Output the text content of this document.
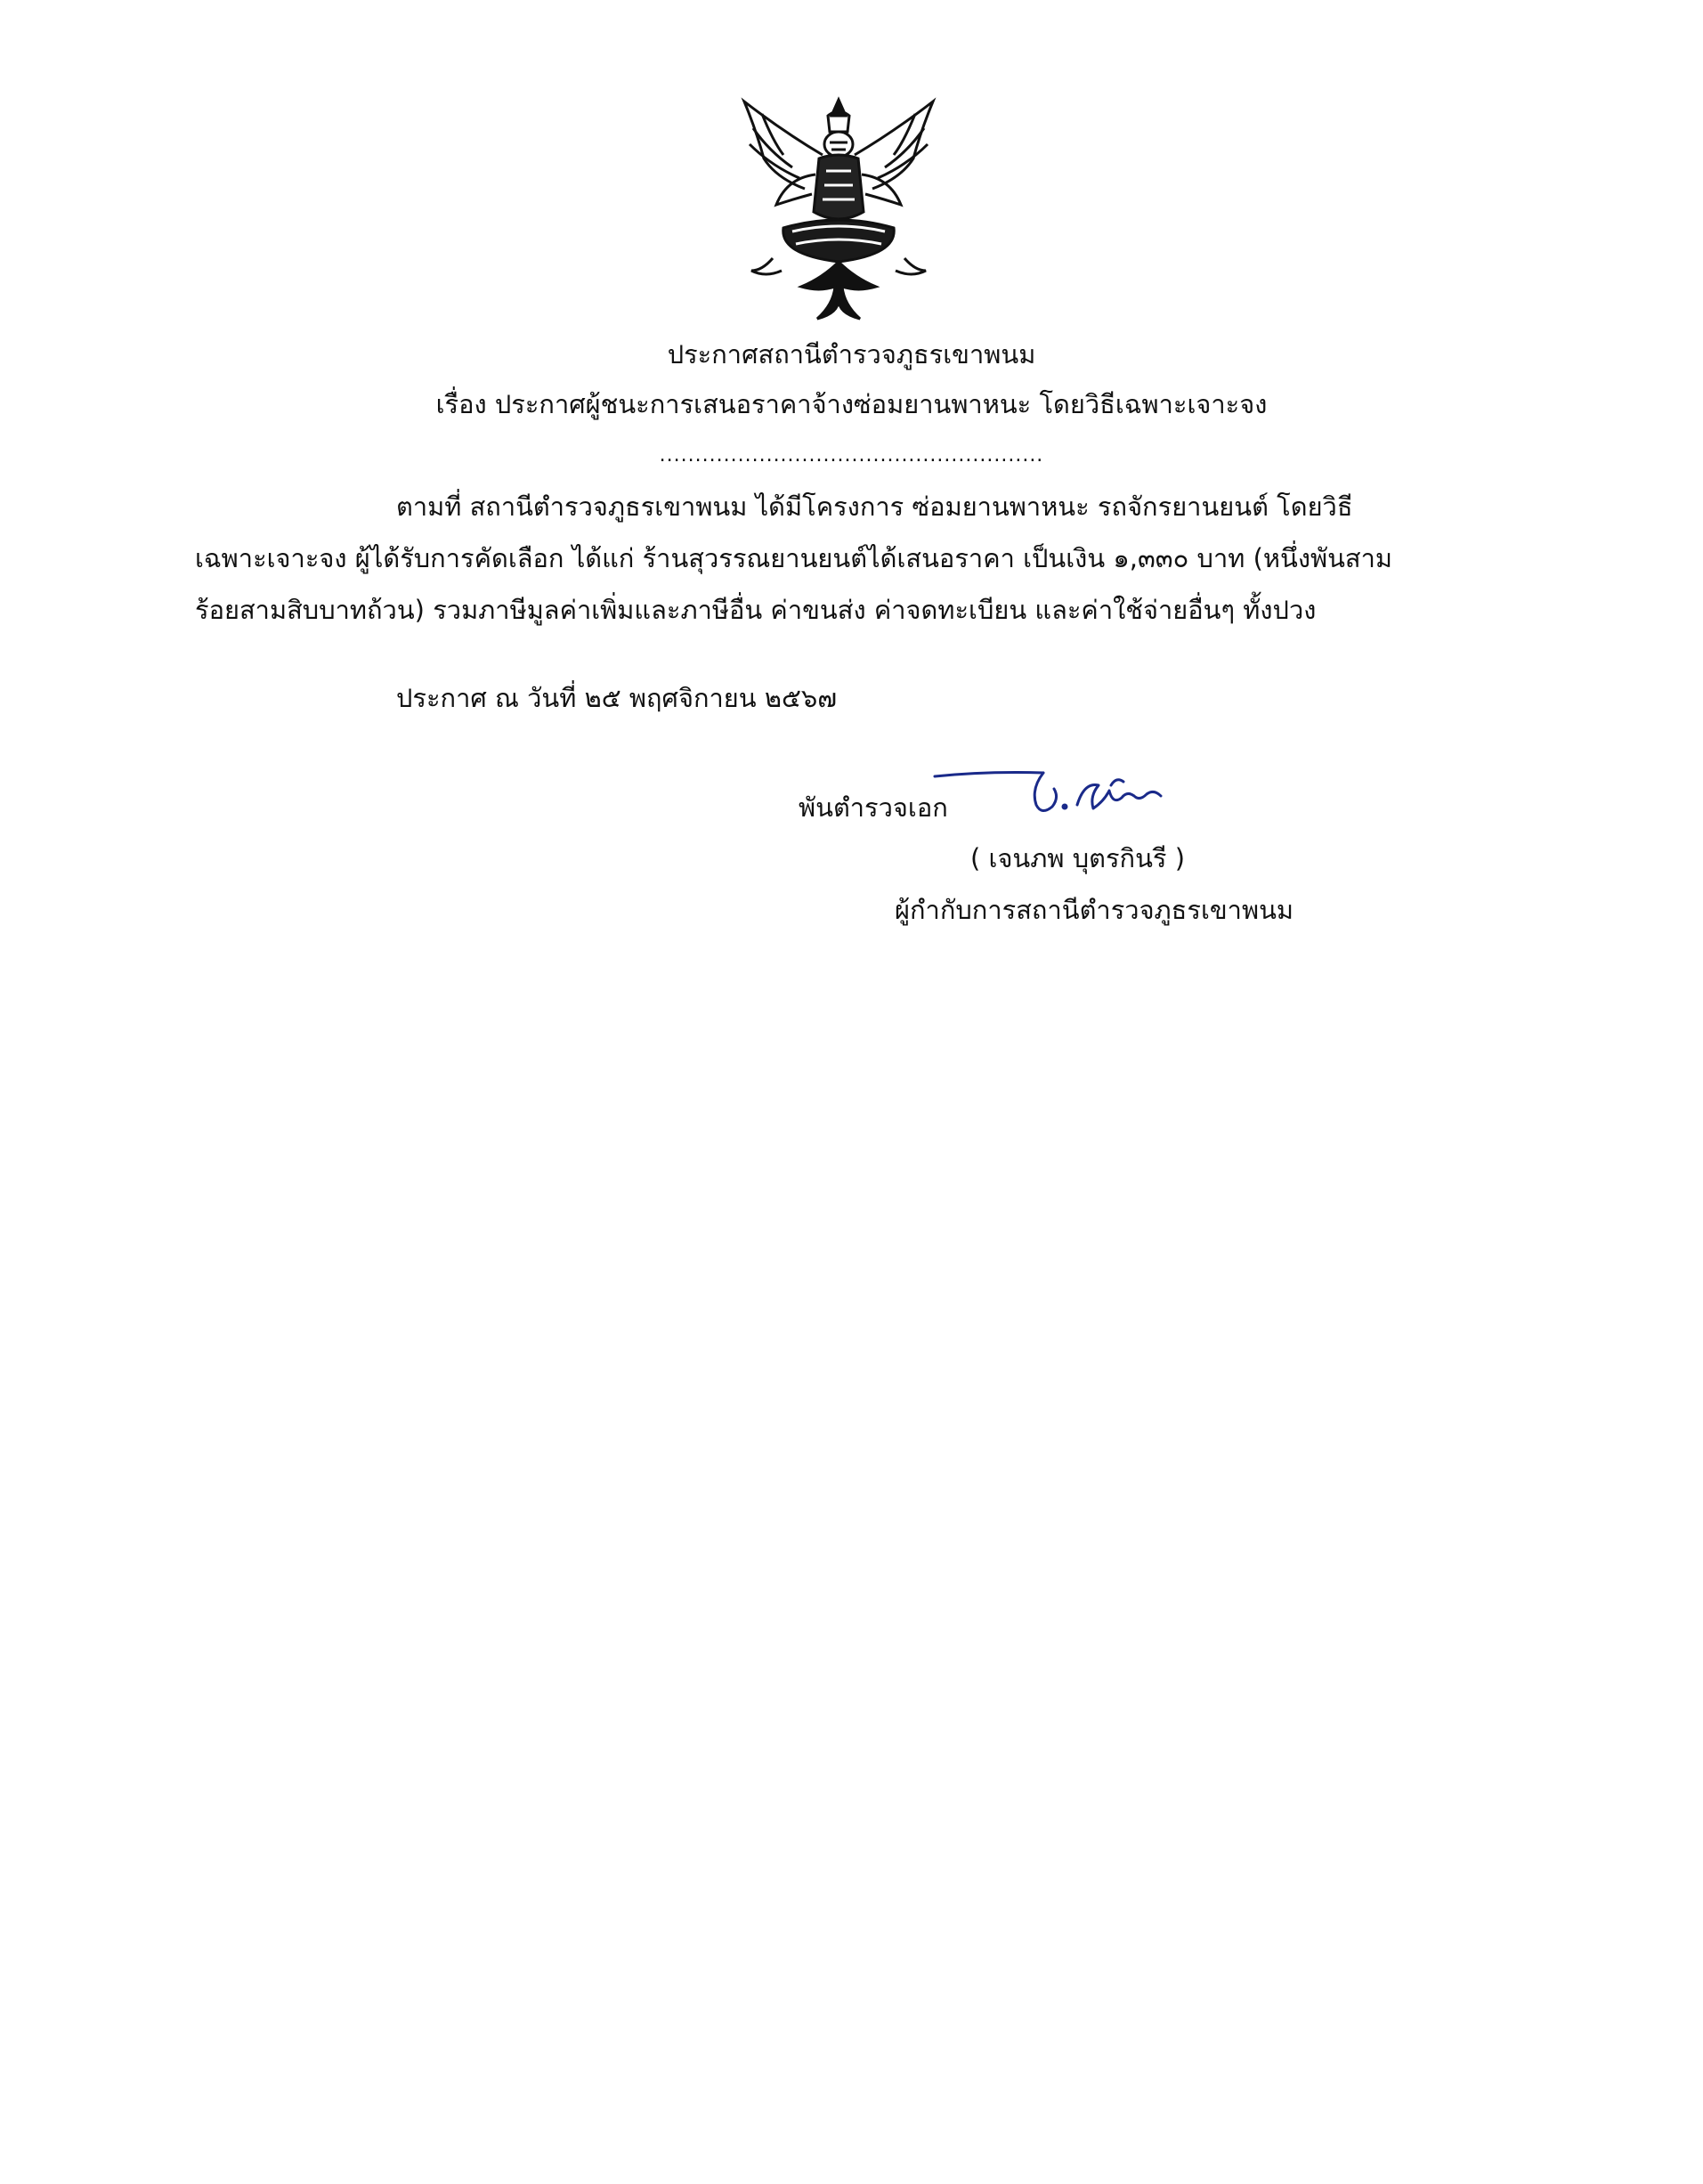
ประกาศสถานีตำรวจภูธรเขาพนม
เรื่อง ประกาศผู้ชนะการเสนอราคาจ้างซ่อมยานพาหนะ โดยวิธีเฉพาะเจาะจง
......................................................
ตามที่ สถานีตำรวจภูธรเขาพนม ได้มีโครงการ ซ่อมยานพาหนะ รถจักรยานยนต์ โดยวิธี
เฉพาะเจาะจง ผู้ได้รับการคัดเลือก ได้แก่ ร้านสุวรรณยานยนต์ได้เสนอราคา เป็นเงิน ๑,๓๓๐ บาท (หนึ่งพันสาม
ร้อยสามสิบบาทถ้วน) รวมภาษีมูลค่าเพิ่มและภาษีอื่น ค่าขนส่ง ค่าจดทะเบียน และค่าใช้จ่ายอื่นๆ ทั้งปวง
ประกาศ ณ วันที่ ๒๕ พฤศจิกายน ๒๕๖๗
พันตำรวจเอก
( เจนภพ บุตรกินรี )
ผู้กำกับการสถานีตำรวจภูธรเขาพนม
